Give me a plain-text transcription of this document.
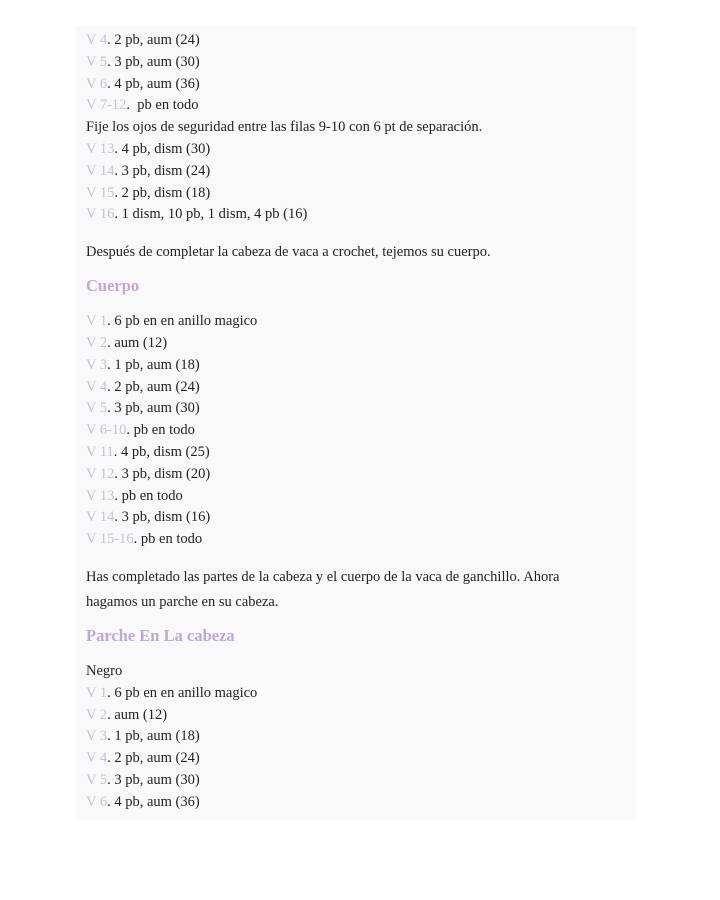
V 4. 2 pb, aum (24)
V 5. 3 pb, aum (30)
V 6. 4 pb, aum (36)
V 7-12.  pb en todo
Fije los ojos de seguridad entre las filas 9-10 con 6 pt de separación.
V 13. 4 pb, dism (30)
V 14. 3 pb, dism (24)
V 15. 2 pb, dism (18)
V 16. 1 dism, 10 pb, 1 dism, 4 pb (16)

Después de completar la cabeza de vaca a crochet, tejemos su cuerpo.

Cuerpo
V 1. 6 pb en en anillo magico
V 2. aum (12)
V 3. 1 pb, aum (18)
V 4. 2 pb, aum (24)
V 5. 3 pb, aum (30)
V 6-10. pb en todo
V 11. 4 pb, dism (25)
V 12. 3 pb, dism (20)
V 13. pb en todo
V 14. 3 pb, dism (16)
V 15-16. pb en todo

Has completado las partes de la cabeza y el cuerpo de la vaca de ganchillo. Ahora hagamos un parche en su cabeza.

Parche En La cabeza
Negro
V 1. 6 pb en en anillo magico
V 2. aum (12)
V 3. 1 pb, aum (18)
V 4. 2 pb, aum (24)
V 5. 3 pb, aum (30)
V 6. 4 pb, aum (36)
